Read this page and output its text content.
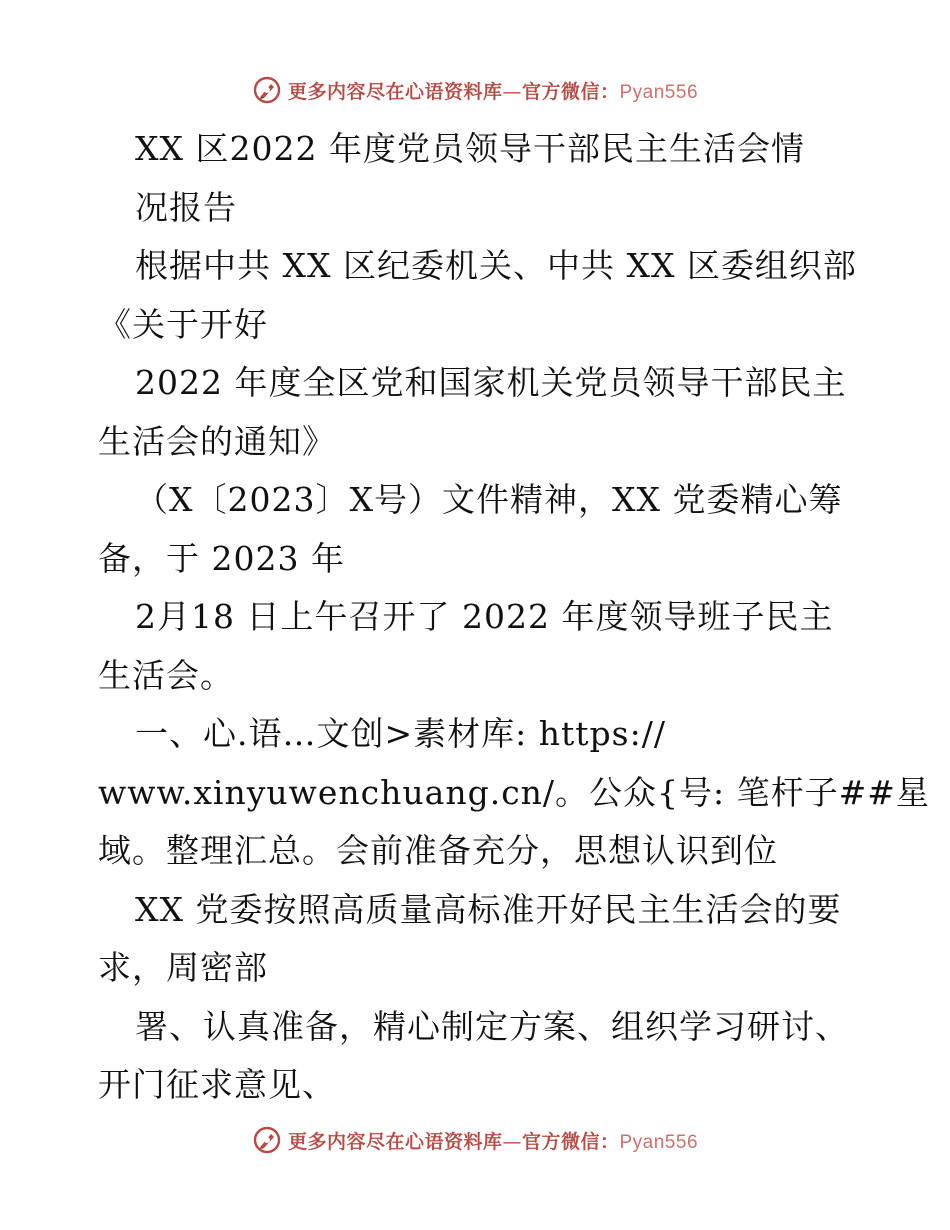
更多内容尽在心语资料库—官方微信：Pyan556
XX 区2022 年度党员领导干部民主生活会情
况报告
根据中共 XX 区纪委机关、中共 XX 区委组织部
《关于开好
2022 年度全区党和国家机关党员领导干部民主
生活会的通知》
（X〔2023〕X号）文件精神，XX 党委精心筹
备，于 2023 年
2月18 日上午召开了 2022 年度领导班子民主
生活会。
一、心.语…文创>素材库: https://
www.xinyuwenchuang.cn/。公众{号: 笔杆子##星
域。整理汇总。会前准备充分，思想认识到位
XX 党委按照高质量高标准开好民主生活会的要
求，周密部
署、认真准备，精心制定方案、组织学习研讨、
开门征求意见、
更多内容尽在心语资料库—官方微信：Pyan556
